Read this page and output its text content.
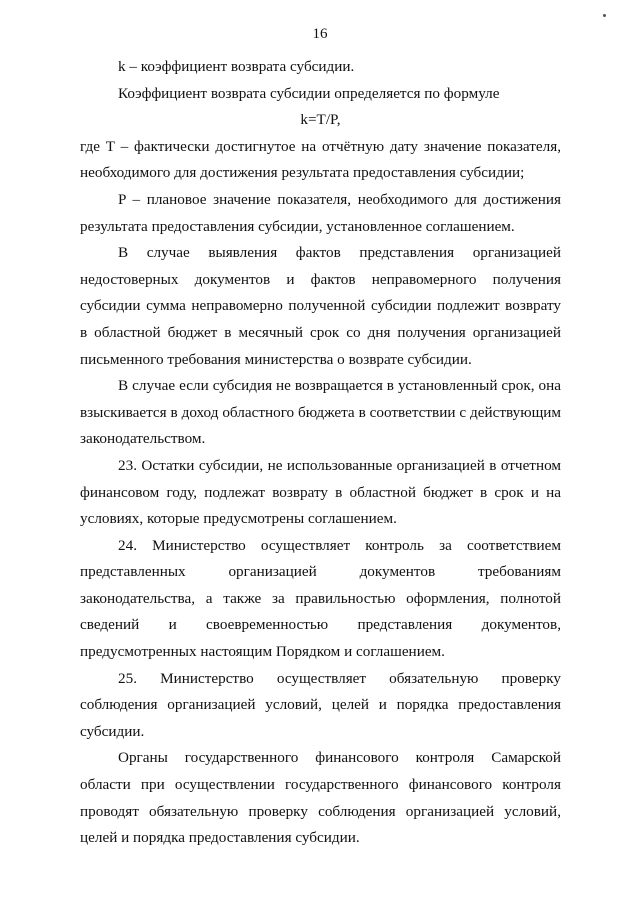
16

k – коэффициент возврата субсидии.

Коэффициент возврата субсидии определяется по формуле

k=T/P,

где T – фактически достигнутое на отчётную дату значение показателя, необходимого для достижения результата предоставления субсидии;

P – плановое значение показателя, необходимого для достижения результата предоставления субсидии, установленное соглашением.

В случае выявления фактов представления организацией недостоверных документов и фактов неправомерного получения субсидии сумма неправомерно полученной субсидии подлежит возврату в областной бюджет в месячный срок со дня получения организацией письменного требования министерства о возврате субсидии.

В случае если субсидия не возвращается в установленный срок, она взыскивается в доход областного бюджета в соответствии с действующим законодательством.

23. Остатки субсидии, не использованные организацией в отчетном финансовом году, подлежат возврату в областной бюджет в срок и на условиях, которые предусмотрены соглашением.

24. Министерство осуществляет контроль за соответствием представленных организацией документов требованиям законодательства, а также за правильностью оформления, полнотой сведений и своевременностью представления документов, предусмотренных настоящим Порядком и соглашением.

25. Министерство осуществляет обязательную проверку соблюдения организацией условий, целей и порядка предоставления субсидии.

Органы государственного финансового контроля Самарской области при осуществлении государственного финансового контроля проводят обязательную проверку соблюдения организацией условий, целей и порядка предоставления субсидии.
